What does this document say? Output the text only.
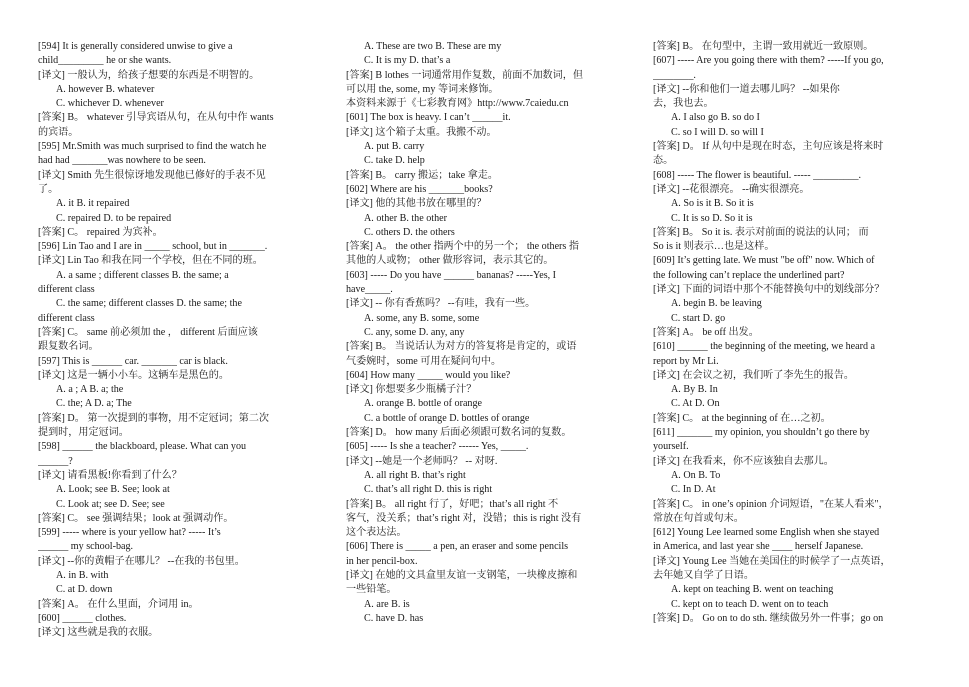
[594] It is generally considered unwise to give a
child_________ he or she wants.
[译文] 一般认为，给孩子想要的东西是不明智的。
A. however B. whatever
C. whichever D. whenever
[答案] B。 whatever 引导宾语从句，在从句中作 wants
的宾语。
[595] Mr.Smith was much surprised to find the watch he
had had _______was nowhere to be seen.
[译文] Smith 先生很惊讶地发现他已修好的手表不见
了。
A. it B. it repaired
C. repaired D. to be repaired
[答案] C。 repaired 为宾补。
[596] Lin Tao and I are in _____ school, but in _______.
[译文] Lin Tao 和我在同一个学校，但在不同的班。
A. a same ; different classes B. the same; a
different class
C. the same; different classes D. the same; the
different class
[答案] C。 same 前必须加 the ， different 后面应该
跟复数名词。
[597] This is ______ car. _______ car is black.
[译文] 这是一辆小小车。这辆车是黑色的。
A. a ; A B. a; the
C. the; A D. a; The
[答案] D。 第一次提到的事物，用不定冠词；第二次
提到时，用定冠词。
[598] ______ the blackboard, please. What can you
______?
[译文] 请看黑板!你看到了什么？
A. Look; see B. See; look at
C. Look at; see D. See; see
[答案] C。 see 强调结果；look at 强调动作。
[599] ----- where is your yellow hat? ----- It’s
______ my school-bag.
[译文] --你的黄帽子在哪儿？ --在我的书包里。
A. in B. with
C. at D. down
[答案] A。 在什么里面，介词用 in。
[600] ______ clothes.
[译文] 这些就是我的衣服。
A. These are two B. These are my
C. It is my D. that’s a
[答案] B lothes 一词通常用作复数，前面不加数词，但
可以用 the, some, my 等词来修饰。
本资料来源于《七彩教育网》http://www.7caiedu.cn
[601] The box is heavy. I can’t ______it.
[译文] 这个箱子太重。我搬不动。
A. put B. carry
C. take D. help
[答案] B。 carry 搬运；take 拿走。
[602] Where are his _______books?
[译文] 他的其他书放在哪里的？
A. other B. the other
C. others D. the others
[答案] A。 the other 指两个中的另一个； the others 指
其他的人或物； other 做形容词，表示其它的。
[603] ----- Do you have ______ bananas? -----Yes, I
have_____.
[译文] -- 你有香蕉吗？ --有哇，我有一些。
A. some, any B. some, some
C. any, some D. any, any
[答案] B。 当说话认为对方的答复将是肯定的，或语
气委婉时，some 可用在疑问句中。
[604] How many _____ would you like?
[译文] 你想要多少瓶橘子汁？
A. orange B. bottle of orange
C. a bottle of orange D. bottles of orange
[答案] D。 how many 后面必须跟可数名词的复数。
[605] ----- Is she a teacher? ------ Yes, _____.
[译文] --她是一个老师吗？ -- 对呀.
A. all right B. that’s right
C. that’s all right D. this is right
[答案] B。 all right 行了，好吧；that’s all right 不
客气，没关系；that’s right 对，没错；this is right 没有
这个表达法。
[606] There is _____ a pen, an eraser and some pencils
in her pencil-box.
[译文] 在她的文具盒里友谊一支钢笔，一块橡皮擦和
一些铅笔。
A. are B. is
C. have D. has
[答案] B。 在句型中，主谓一致用就近一致原则。
[607] ----- Are you going there with them? -----If you go,
________.
[译文] --你和他们一道去哪儿吗？ --如果你
去，我也去。
A. I also go B. so do I
C. so I will D. so will I
[答案] D。 If 从句中是现在时态，主句应该是将来时
态。
[608] ----- The flower is beautiful. ----- _________.
[译文] --花很漂亮。 --确实很漂亮。
A. So is it B. So it is
C. It is so D. So it is
[答案] B。 So it is. 表示对前面的说法的认同； 而
So is it 则表示…也是这样。
[609] It’s getting late. We must "be off" now. Which of
the following can’t replace the underlined part?
[译文] 下面的词语中那个不能替换句中的划线部分？
A. begin B. be leaving
C. start D. go
[答案] A。 be off 出发。
[610] ______ the beginning of the meeting, we heard a
report by Mr Li.
[译文] 在会议之初，我们听了李先生的报告。
A. By B. In
C. At D. On
[答案] C。 at the beginning of 在…之初。
[611] _______ my opinion, you shouldn’t go there by
yourself.
[译文] 在我看来，你不应该独自去那儿。
A. On B. To
C. In D. At
[答案] C。 in one’s opinion 介词短语，"在某人看来"，
常放在句首或句末。
[612] Young Lee learned some English when she stayed
in America, and last year she ____ herself Japanese.
[译文] Young Lee 当她在美国住的时候学了一点英语，
去年她又自学了日语。
A. kept on teaching B. went on teaching
C. kept on to teach D. went on to teach
[答案] D。 Go on to do sth. 继续做另外一件事；go on
